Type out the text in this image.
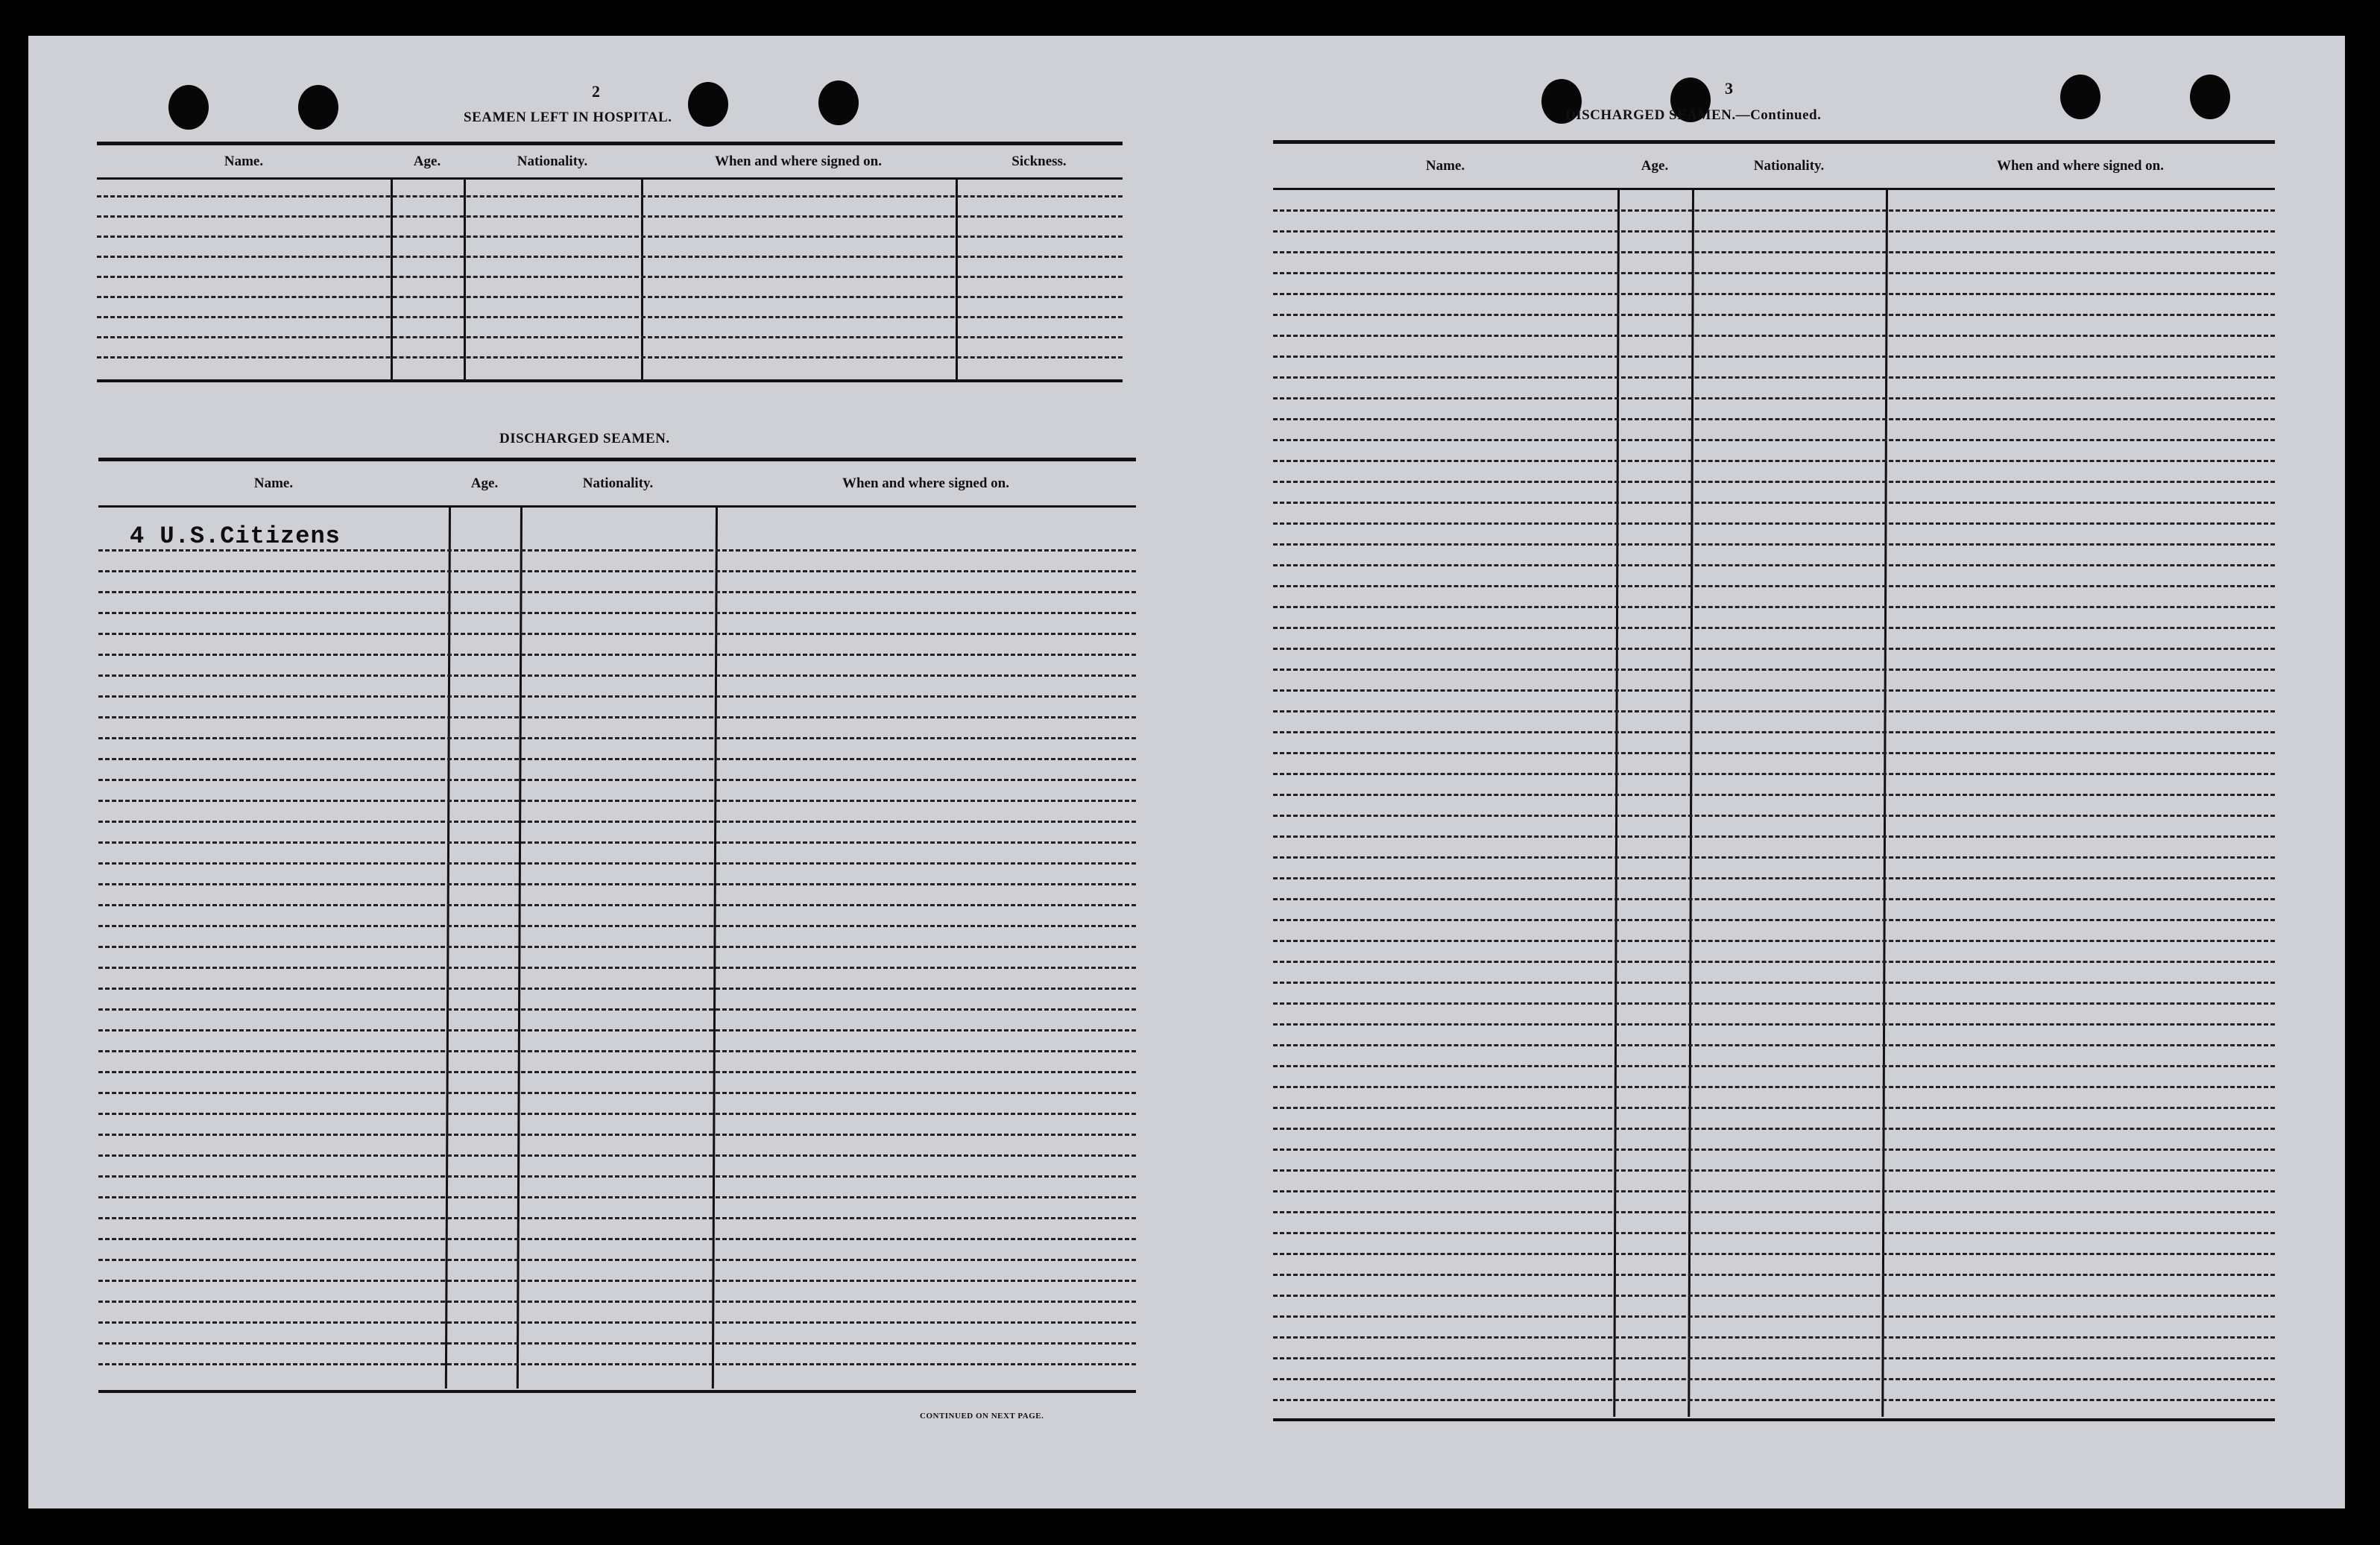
2
SEAMEN LEFT IN HOSPITAL.
Name.	Age.	Nationality.	When and where signed on.	Sickness.
DISCHARGED SEAMEN.
Name.	Age.	Nationality.	When and where signed on.
4 U.S.Citizens
CONTINUED ON NEXT PAGE.
3
DISCHARGED SEAMEN.—Continued.
Name.	Age.	Nationality.	When and where signed on.
